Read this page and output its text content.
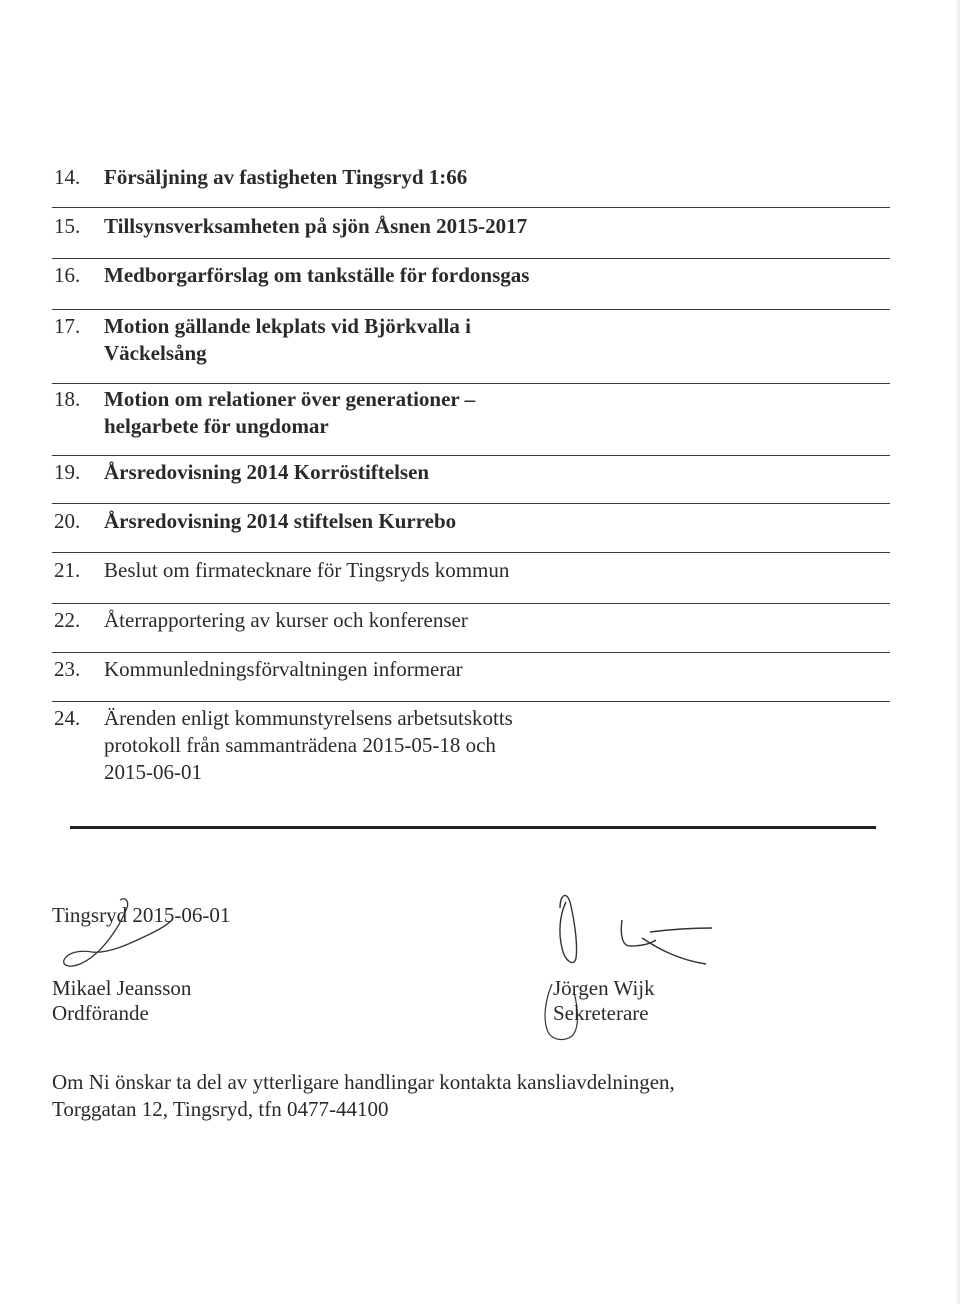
14.	Försäljning av fastigheten Tingsryd 1:66
15.	Tillsynsverksamheten på sjön Åsnen 2015-2017
16.	Medborgarförslag om tankställe för fordonsgas
17.	Motion gällande lekplats vid Björkvalla i Väckelsång
18.	Motion om relationer över generationer – helgarbete för ungdomar
19.	Årsredovisning 2014 Korröstiftelsen
20.	Årsredovisning 2014 stiftelsen Kurrebo
21.	Beslut om firmatecknare för Tingsryds kommun
22.	Återrapportering av kurser och konferenser
23.	Kommunledningsförvaltningen informerar
24.	Ärenden enligt kommunstyrelsens arbetsutskotts protokoll från sammanträdena 2015-05-18 och 2015-06-01
Tingsryd 2015-06-01
Mikael Jeansson
Ordförande
Jörgen Wijk
Sekreterare
Om Ni önskar ta del av ytterligare handlingar kontakta kansliavdelningen,
Torggatan 12, Tingsryd, tfn 0477-44100
